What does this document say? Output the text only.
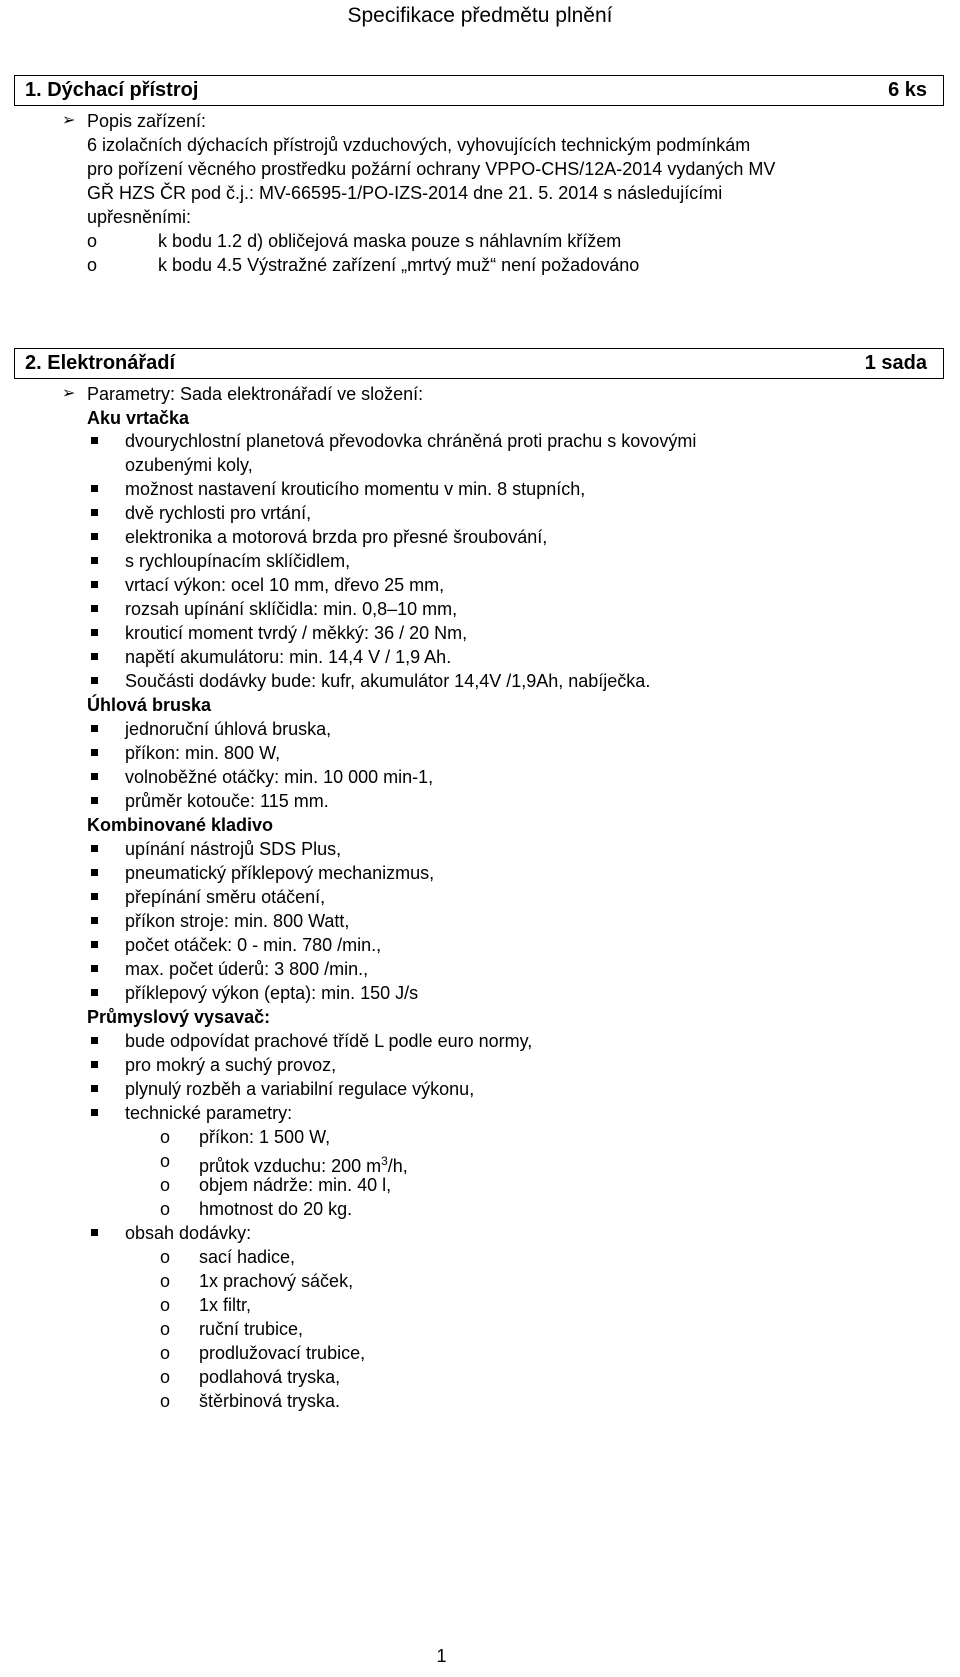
Specifikace předmětu plnění
1. Dýchací přístroj	6 ks
➢ Popis zařízení:
6 izolačních dýchacích přístrojů vzduchových, vyhovujících technickým podmínkám
pro pořízení věcného prostředku požární ochrany VPPO-CHS/12A-2014 vydaných MV
GŘ HZS ČR pod č.j.: MV-66595-1/PO-IZS-2014 dne 21. 5. 2014 s následujícími
upřesněními:
o	k bodu 1.2 d) obličejová maska pouze s náhlavním křížem
o	k bodu 4.5 Výstražné zařízení „mrtvý muž“ není požadováno
2. Elektronářadí	1 sada
➢ Parametry: Sada elektronářadí ve složení:
Aku vrtačka
dvourychlostní planetová převodovka chráněná proti prachu s kovovými
ozubenými koly,
možnost nastavení krouticího momentu v min. 8 stupních,
dvě rychlosti pro vrtání,
elektronika a motorová brzda pro přesné šroubování,
s rychloupínacím sklíčidlem,
vrtací výkon: ocel 10 mm, dřevo 25 mm,
rozsah upínání sklíčidla: min. 0,8–10 mm,
krouticí moment tvrdý / měkký: 36 / 20 Nm,
napětí akumulátoru: min. 14,4 V / 1,9 Ah.
Součásti dodávky bude: kufr, akumulátor 14,4V /1,9Ah, nabíječka.
Úhlová bruska
jednoruční úhlová bruska,
příkon: min. 800 W,
volnoběžné otáčky: min. 10 000 min-1,
průměr kotouče: 115 mm.
Kombinované kladivo
upínání nástrojů SDS Plus,
pneumatický příklepový mechanizmus,
přepínání směru otáčení,
příkon stroje: min. 800 Watt,
počet otáček: 0 - min. 780 /min.,
max. počet úderů: 3 800 /min.,
příklepový výkon (epta): min. 150 J/s
Průmyslový vysavač:
bude odpovídat prachové třídě L podle euro normy,
pro mokrý a suchý provoz,
plynulý rozběh a variabilní regulace výkonu,
technické parametry:
o příkon: 1 500 W,
o průtok vzduchu: 200 $m^3/h$,
o objem nádrže: min. 40 l,
o hmotnost do 20 kg.
obsah dodávky:
o sací hadice,
o 1x prachový sáček,
o 1x filtr,
o ruční trubice,
o prodlužovací trubice,
o podlahová tryska,
o štěrbinová tryska.
1
